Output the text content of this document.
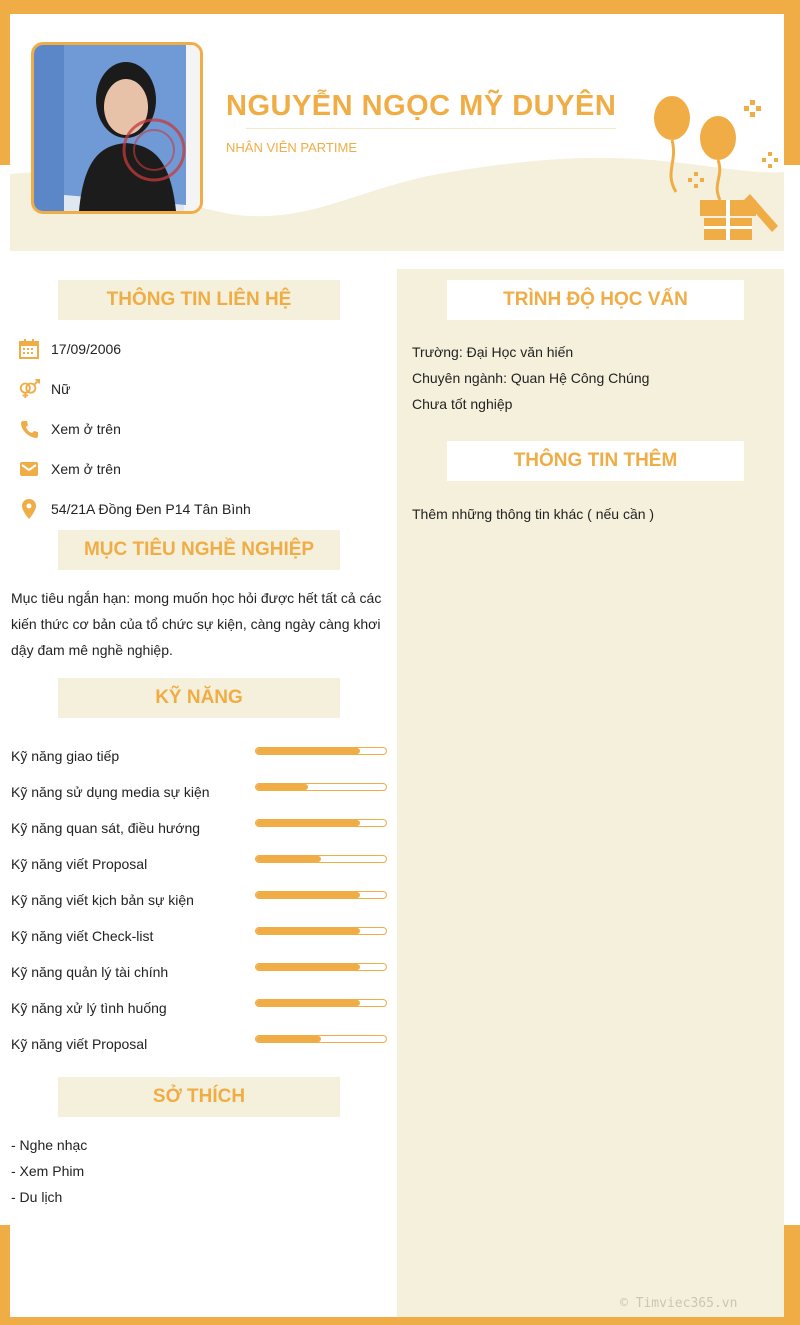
NGUYỄN NGỌC MỸ DUYÊN
NHÂN VIÊN PARTIME
THÔNG TIN LIÊN HỆ
17/09/2006
Nữ
Xem ở trên
Xem ở trên
54/21A Đồng Đen P14 Tân Bình
MỤC TIÊU NGHỀ NGHIỆP
Mục tiêu ngắn hạn: mong muốn học hỏi được hết tất cả các
kiến thức cơ bản của tổ chức sự kiện, càng ngày càng khơi
dậy đam mê nghề nghiệp.
KỸ NĂNG
Kỹ năng giao tiếp
Kỹ năng sử dụng media sự kiện
Kỹ năng quan sát, điều hướng
Kỹ năng viết Proposal
Kỹ năng viết kịch bản sự kiện
Kỹ năng viết Check-list
Kỹ năng quản lý tài chính
Kỹ năng xử lý tình huống
Kỹ năng viết Proposal
SỞ THÍCH
- Nghe nhạc
- Xem Phim
- Du lịch
TRÌNH ĐỘ HỌC VẤN
Trường: Đại Học văn hiến
Chuyên ngành: Quan Hệ Công Chúng
Chưa tốt nghiệp
THÔNG TIN THÊM
Thêm những thông tin khác ( nếu cần )
© Timviec365.vn
